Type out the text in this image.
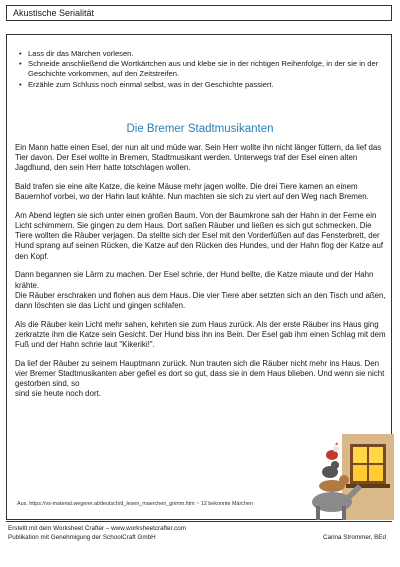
Akustische Serialität
• Lass dir das Märchen vorlesen.
• Schneide anschließend die Wortkärtchen aus und klebe sie in der richtigen Reihenfolge, in der sie in der Geschichte vorkommen, auf den Zeitstreifen.
• Erzähle zum Schluss noch einmal selbst, was in der Geschichte passiert.
Die Bremer Stadtmusikanten

Ein Mann hatte einen Esel, der nun alt und müde war. Sein Herr wollte ihn nicht länger füttern, da lief das Tier davon. Der Esel wollte in Bremen, Stadtmusikant werden. Unterwegs traf der Esel einen alten Jagdhund, den sein Herr hatte totschlagen wollen.

Bald trafen sie eine alte Katze, die keine Mäuse mehr jagen wollte. Die drei Tiere kamen an einem Bauernhof vorbei, wo der Hahn laut krähte. Nun machten sie sich zu viert auf den Weg nach Bremen.

Am Abend legten sie sich unter einen großen Baum. Von der Baumkrone sah der Hahn in der Ferne ein Licht schimmern. Sie gingen zu dem Haus. Dort saßen Räuber und ließen es sich gut schmecken. Die Tiere wollten die Räuber verjagen. Da stellte sich der Esel mit den Vorderfüßen auf das Fensterbrett, der Hund sprang auf seinen Rücken, die Katze auf den Rücken des Hundes, und der Hahn flog der Katze auf den Kopf.

Dann begannen sie Lärm zu machen. Der Esel schrie, der Hund bellte, die Katze miaute und der Hahn krähte.
Die Räuber erschraken und flohen aus dem Haus. Die vier Tiere aber setzten sich an den Tisch und aßen, dann löschten sie das Licht und gingen schlafen.

Als die Räuber kein Licht mehr sahen, kehrten sie zum Haus zurück. Als der erste Räuber ins Haus ging zerkratzte ihm die Katze sein Gesicht. Der Hund biss ihn ins Bein. Der Esel gab ihm einen Schlag mit dem Fuß und der Hahn schrie laut "Kikeriki!".

Da lief der Räuber zu seinem Hauptmann zurück. Nun trauten sich die Räuber nicht mehr ins Haus. Den vier Bremer Stadtmusikanten aber gefiel es dort so gut, dass sie in dem Haus blieben. Und wenn sie nicht gestorben sind, so
sind sie heute noch dort.

Aus. https://vs-material.wegerer.at/deutsch/d_lesen_maerchen_grimm.htm ~ 12 bekonnte Märchen
Erstellt mit dem Worksheet Crafter – www.worksheetcrafter.com
Publikation mit Genehmigung der SchoolCraft GmbH	Carina Strommer, BEd
